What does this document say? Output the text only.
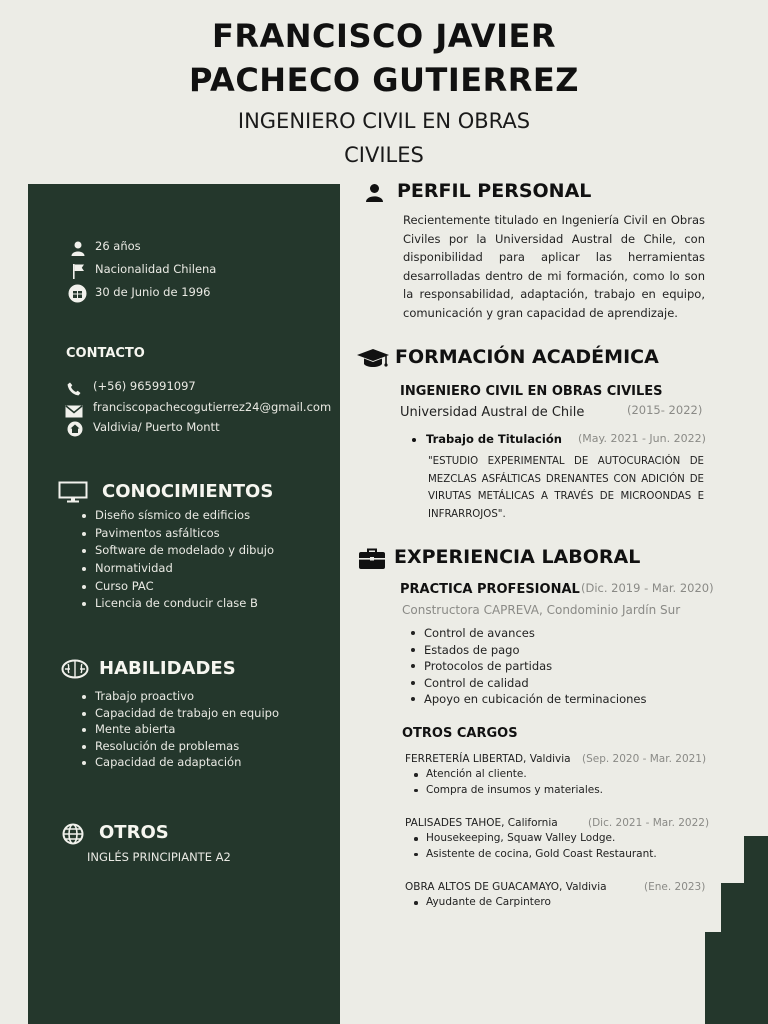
FRANCISCO JAVIER
PACHECO GUTIERREZ
INGENIERO CIVIL EN OBRAS
CIVILES
26 años
Nacionalidad Chilena
30 de Junio de 1996
CONTACTO
(+56) 965991097
franciscopachecogutierrez24@gmail.com
Valdivia/ Puerto Montt
CONOCIMIENTOS
Diseño sísmico de edificios
Pavimentos asfálticos
Software de modelado y dibujo
Normatividad
Curso PAC
Licencia de conducir clase B
HABILIDADES
Trabajo proactivo
Capacidad de trabajo en equipo
Mente abierta
Resolución de problemas
Capacidad de adaptación
OTROS
INGLÉS PRINCIPIANTE A2
PERFIL PERSONAL
Recientemente titulado en Ingeniería Civil en Obras Civiles por la Universidad Austral de Chile, con disponibilidad para aplicar las herramientas desarrolladas dentro de mi formación, como lo son la responsabilidad, adaptación, trabajo en equipo, comunicación y gran capacidad de aprendizaje.
FORMACIÓN ACADÉMICA
INGENIERO CIVIL EN OBRAS CIVILES
Universidad Austral de Chile	(2015- 2022)
Trabajo de Titulación (May. 2021 - Jun. 2022)
"ESTUDIO EXPERIMENTAL DE AUTOCURACIÓN DE MEZCLAS ASFÁLTICAS DRENANTES CON ADICIÓN DE VIRUTAS METÁLICAS A TRAVÉS DE MICROONDAS E INFRARROJOS".
EXPERIENCIA LABORAL
PRACTICA PROFESIONAL (Dic. 2019 - Mar. 2020)
Constructora CAPREVA, Condominio Jardín Sur
Control de avances
Estados de pago
Protocolos de partidas
Control de calidad
Apoyo en cubicación de terminaciones
OTROS CARGOS
FERRETERÍA LIBERTAD, Valdivia (Sep. 2020 - Mar. 2021)
Atención al cliente.
Compra de insumos y materiales.
PALISADES TAHOE, California	(Dic. 2021 - Mar. 2022)
Housekeeping, Squaw Valley Lodge.
Asistente de cocina, Gold Coast Restaurant.
OBRA ALTOS DE GUACAMAYO, Valdivia	(Ene. 2023)
Ayudante de Carpintero
